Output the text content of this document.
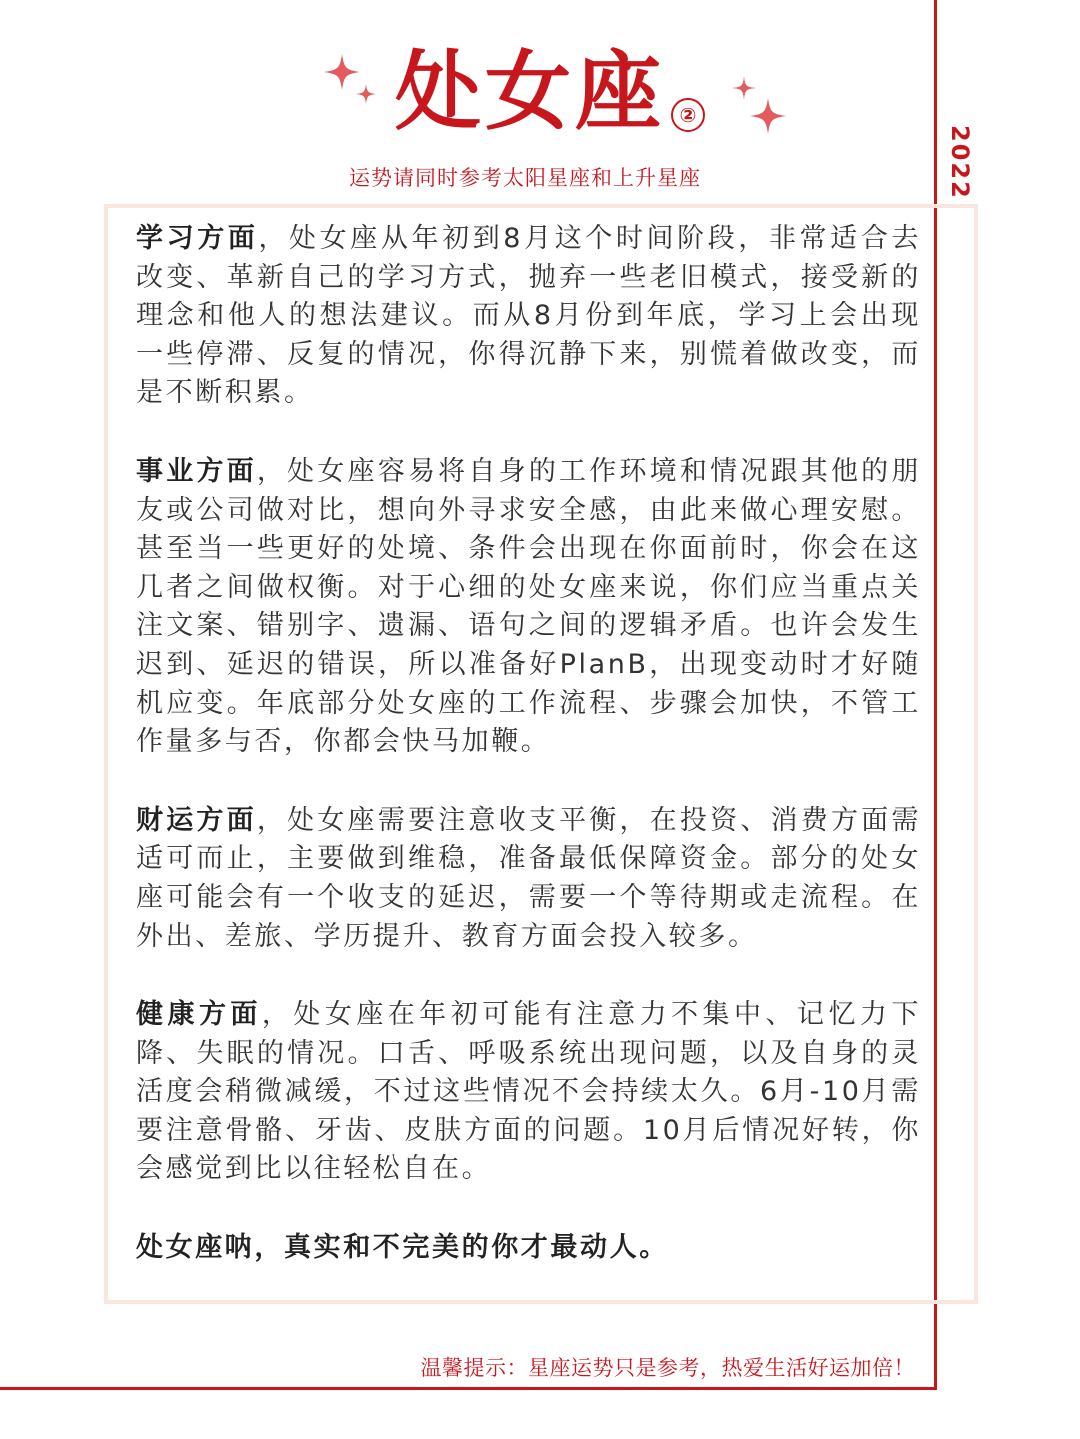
2022
处女座 ②
运势请同时参考太阳星座和上升星座

学习方面，处女座从年初到8月这个时间阶段，非常适合去改变、革新自己的学习方式，抛弃一些老旧模式，接受新的理念和他人的想法建议。而从8月份到年底，学习上会出现一些停滞、反复的情况，你得沉静下来，别慌着做改变，而是不断积累。

事业方面，处女座容易将自身的工作环境和情况跟其他的朋友或公司做对比，想向外寻求安全感，由此来做心理安慰。甚至当一些更好的处境、条件会出现在你面前时，你会在这几者之间做权衡。对于心细的处女座来说，你们应当重点关注文案、错别字、遗漏、语句之间的逻辑矛盾。也许会发生迟到、延迟的错误，所以准备好PlanB，出现变动时才好随机应变。年底部分处女座的工作流程、步骤会加快，不管工作量多与否，你都会快马加鞭。

财运方面，处女座需要注意收支平衡，在投资、消费方面需适可而止，主要做到维稳，准备最低保障资金。部分的处女座可能会有一个收支的延迟，需要一个等待期或走流程。在外出、差旅、学历提升、教育方面会投入较多。

健康方面，处女座在年初可能有注意力不集中、记忆力下降、失眠的情况。口舌、呼吸系统出现问题，以及自身的灵活度会稍微减缓，不过这些情况不会持续太久。6月-10月需要注意骨骼、牙齿、皮肤方面的问题。10月后情况好转，你会感觉到比以往轻松自在。

处女座呐，真实和不完美的你才最动人。

温馨提示：星座运势只是参考，热爱生活好运加倍！
